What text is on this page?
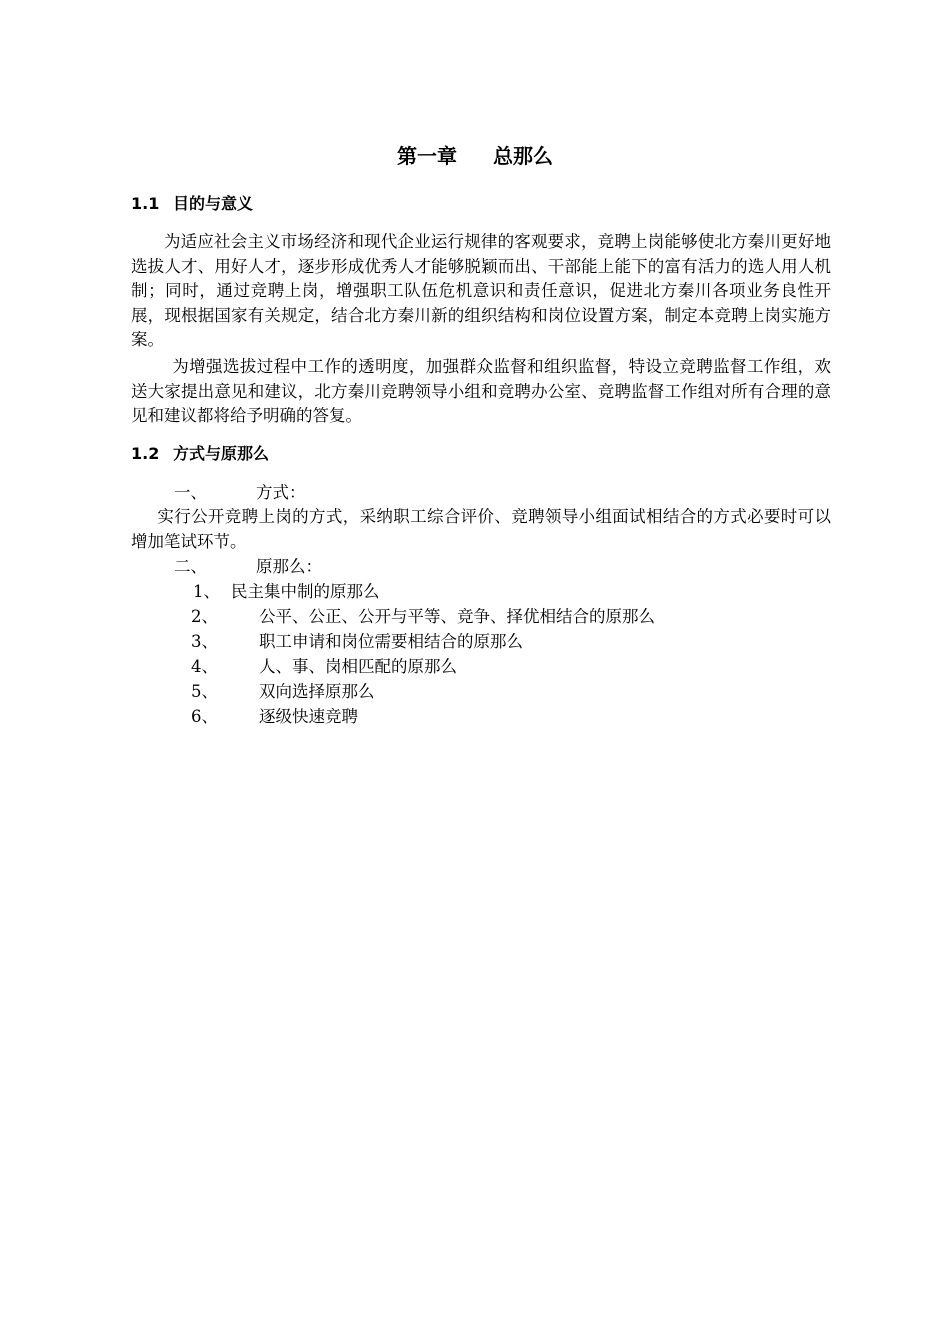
第一章 总那么
1.1 目的与意义

为适应社会主义市场经济和现代企业运行规律的客观要求，竞聘上岗能够使北方秦川更好地选拔人才、用好人才，逐步形成优秀人才能够脱颖而出、干部能上能下的富有活力的选人用人机制；同时，通过竞聘上岗，增强职工队伍危机意识和责任意识，促进北方秦川各项业务良性开展，现根据国家有关规定，结合北方秦川新的组织结构和岗位设置方案，制定本竞聘上岗实施方案。

为增强选拔过程中工作的透明度，加强群众监督和组织监督，特设立竞聘监督工作组，欢送大家提出意见和建议，北方秦川竞聘领导小组和竞聘办公室、竞聘监督工作组对所有合理的意见和建议都将给予明确的答复。

1.2 方式与原那么
一、	方式：

实行公开竞聘上岗的方式，采纳职工综合评价、竞聘领导小组面试相结合的方式必要时可以增加笔试环节。

二、	原那么：
1、 民主集中制的原那么
2、 公平、公正、公开与平等、竞争、择优相结合的原那么
3、 职工申请和岗位需要相结合的原那么
4、 人、事、岗相匹配的原那么
5、 双向选择原那么
6、 逐级快速竞聘
